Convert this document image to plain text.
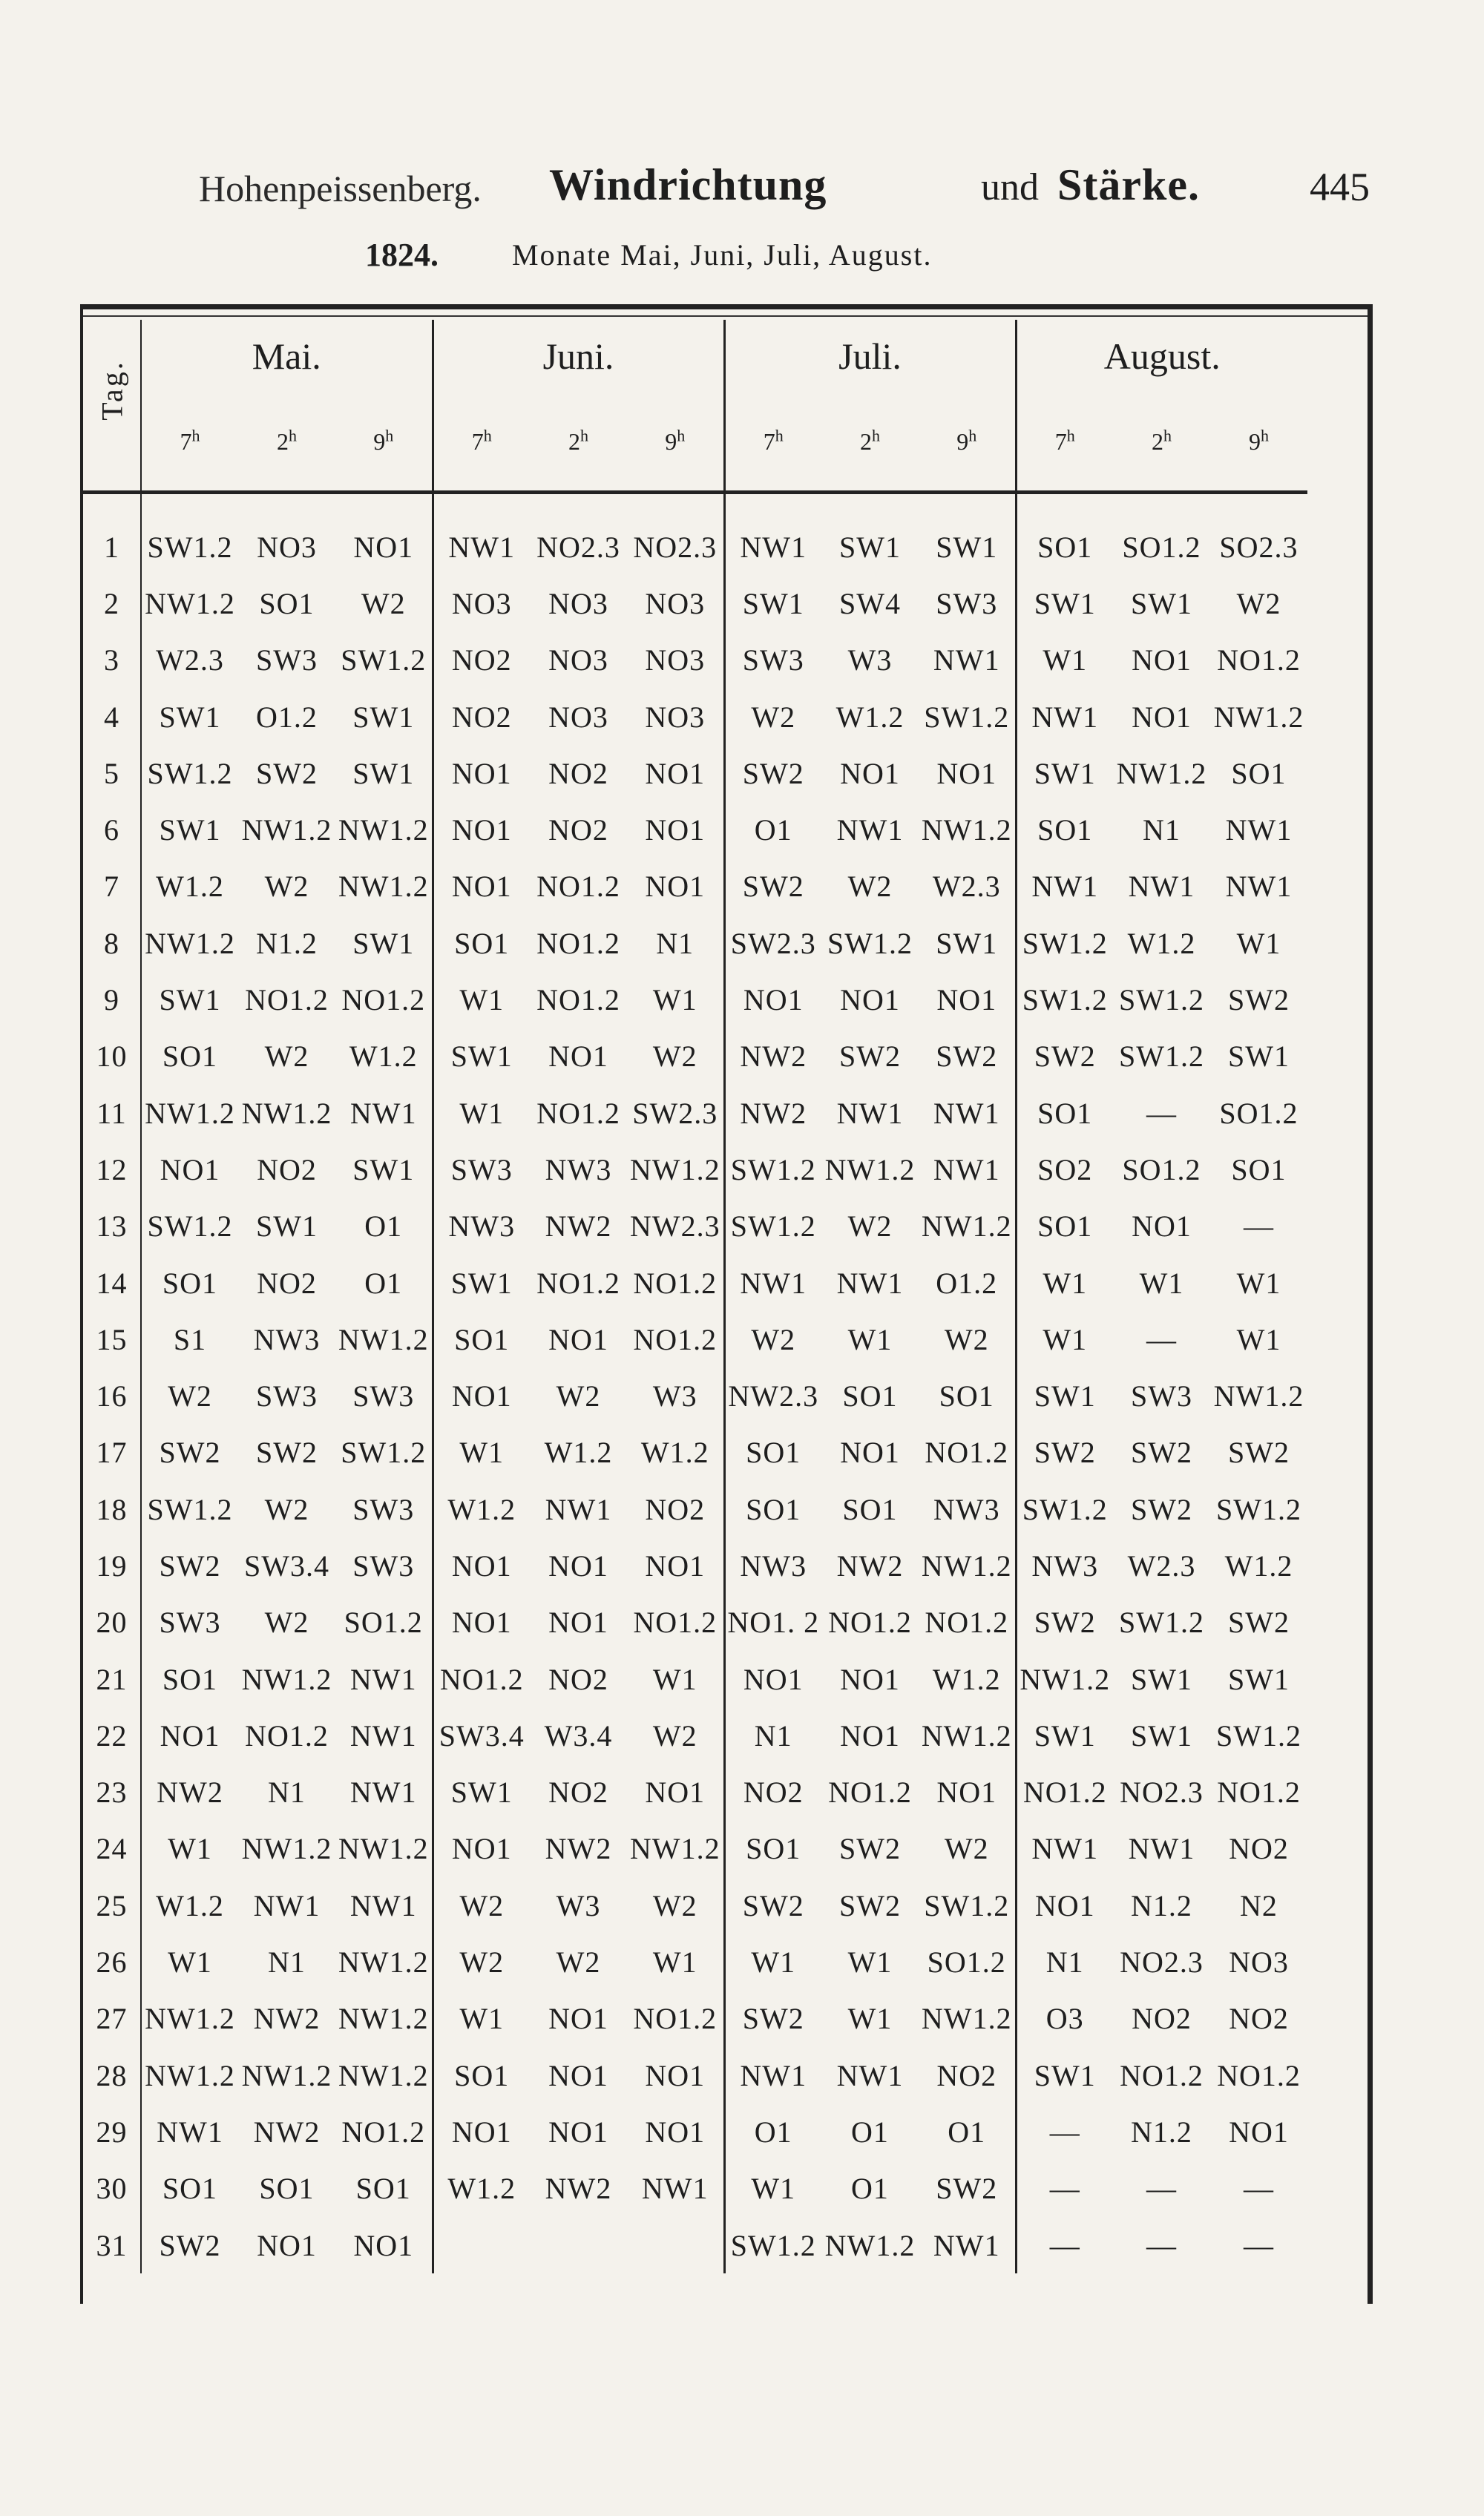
Hohenpeissenberg. Windrichtung	und Stärke.	445
1824. Monate Mai, Juni, Juli, August.
Tag.	Mai.			Juni.			Juli.			August.		
	7$^h$	2$^h$	9$^h$	7$^h$	2$^h$	9$^h$	7$^h$	2$^h$	9$^h$	7$^h$	2$^h$	9$^h$

1	SW1.2	NO3	NO1	NW1	NO2.3	NO2.3	NW1	SW1	SW1	SO1	SO1.2	SO2.3
2	NW1.2	SO1	W2	NO3	NO3	NO3	SW1	SW4	SW3	SW1	SW1	W2
3	W2.3	SW3	SW1.2	NO2	NO3	NO3	SW3	W3	NW1	W1	NO1	NO1.2
4	SW1	O1.2	SW1	NO2	NO3	NO3	W2	W1.2	SW1.2	NW1	NO1	NW1.2
5	SW1.2	SW2	SW1	NO1	NO2	NO1	SW2	NO1	NO1	SW1	NW1.2	SO1
6	SW1	NW1.2	NW1.2	NO1	NO2	NO1	O1	NW1	NW1.2	SO1	N1	NW1
7	W1.2	W2	NW1.2	NO1	NO1.2	NO1	SW2	W2	W2.3	NW1	NW1	NW1
8	NW1.2	N1.2	SW1	SO1	NO1.2	N1	SW2.3	SW1.2	SW1	SW1.2	W1.2	W1
9	SW1	NO1.2	NO1.2	W1	NO1.2	W1	NO1	NO1	NO1	SW1.2	SW1.2	SW2
10	SO1	W2	W1.2	SW1	NO1	W2	NW2	SW2	SW2	SW2	SW1.2	SW1
11	NW1.2	NW1.2	NW1	W1	NO1.2	SW2.3	NW2	NW1	NW1	SO1	—	SO1.2
12	NO1	NO2	SW1	SW3	NW3	NW1.2	SW1.2	NW1.2	NW1	SO2	SO1.2	SO1
13	SW1.2	SW1	O1	NW3	NW2	NW2.3	SW1.2	W2	NW1.2	SO1	NO1	—
14	SO1	NO2	O1	SW1	NO1.2	NO1.2	NW1	NW1	O1.2	W1	W1	W1
15	S1	NW3	NW1.2	SO1	NO1	NO1.2	W2	W1	W2	W1	—	W1
16	W2	SW3	SW3	NO1	W2	W3	NW2.3	SO1	SO1	SW1	SW3	NW1.2
17	SW2	SW2	SW1.2	W1	W1.2	W1.2	SO1	NO1	NO1.2	SW2	SW2	SW2
18	SW1.2	W2	SW3	W1.2	NW1	NO2	SO1	SO1	NW3	SW1.2	SW2	SW1.2
19	SW2	SW3.4	SW3	NO1	NO1	NO1	NW3	NW2	NW1.2	NW3	W2.3	W1.2
20	SW3	W2	SO1.2	NO1	NO1	NO1.2	NO1. 2	NO1.2	NO1.2	SW2	SW1.2	SW2
21	SO1	NW1.2	NW1	NO1.2	NO2	W1	NO1	NO1	W1.2	NW1.2	SW1	SW1
22	NO1	NO1.2	NW1	SW3.4	W3.4	W2	N1	NO1	NW1.2	SW1	SW1	SW1.2
23	NW2	N1	NW1	SW1	NO2	NO1	NO2	NO1.2	NO1	NO1.2	NO2.3	NO1.2
24	W1	NW1.2	NW1.2	NO1	NW2	NW1.2	SO1	SW2	W2	NW1	NW1	NO2
25	W1.2	NW1	NW1	W2	W3	W2	SW2	SW2	SW1.2	NO1	N1.2	N2
26	W1	N1	NW1.2	W2	W2	W1	W1	W1	SO1.2	N1	NO2.3	NO3
27	NW1.2	NW2	NW1.2	W1	NO1	NO1.2	SW2	W1	NW1.2	O3	NO2	NO2
28	NW1.2	NW1.2	NW1.2	SO1	NO1	NO1	NW1	NW1	NO2	SW1	NO1.2	NO1.2
29	NW1	NW2	NO1.2	NO1	NO1	NO1	O1	O1	O1	—	N1.2	NO1
30	SO1	SO1	SO1	W1.2	NW2	NW1	W1	O1	SW2	—	—	—
31	SW2	NO1	NO1				SW1.2	NW1.2	NW1	—	—	—
